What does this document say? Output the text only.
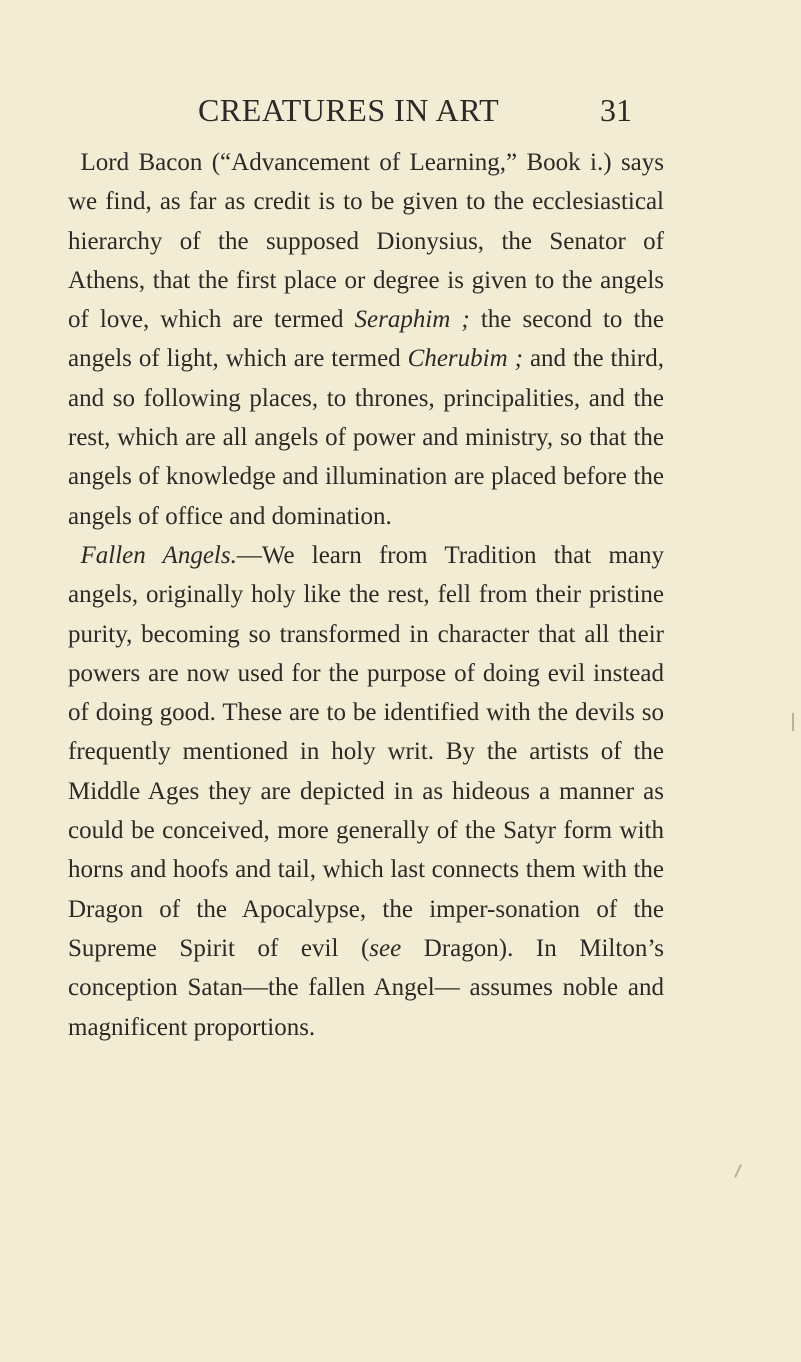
CREATURES IN ART	31

Lord Bacon (“Advancement of Learning,” Book i.) says we find, as far as credit is to be given to the ecclesiastical hierarchy of the supposed Dionysius, the Senator of Athens, that the first place or degree is given to the angels of love, which are termed Seraphim ; the second to the angels of light, which are termed Cherubim ; and the third, and so following places, to thrones, principalities, and the rest, which are all angels of power and ministry, so that the angels of knowledge and illumination are placed before the angels of office and domination.

Fallen Angels.—We learn from Tradition that many angels, originally holy like the rest, fell from their pristine purity, becoming so transformed in character that all their powers are now used for the purpose of doing evil instead of doing good. These are to be identified with the devils so frequently mentioned in holy writ. By the artists of the Middle Ages they are depicted in as hideous a manner as could be conceived, more generally of the Satyr form with horns and hoofs and tail, which last connects them with the Dragon of the Apocalypse, the imper-sonation of the Supreme Spirit of evil (see Dragon). In Milton’s conception Satan—the fallen Angel— assumes noble and magnificent proportions.
